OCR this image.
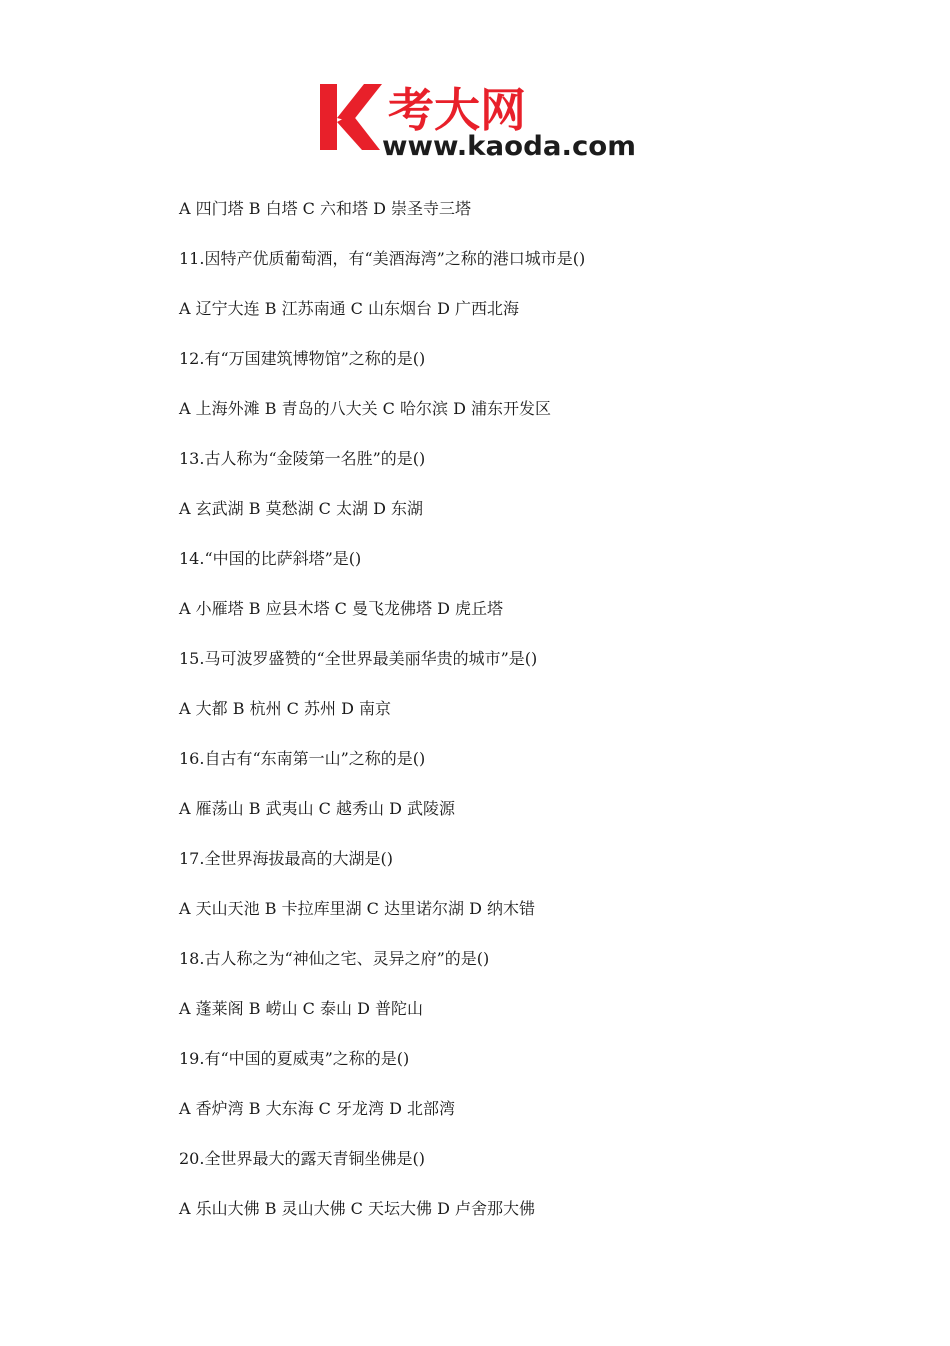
考大网
www.kaoda.com
A 四门塔 B 白塔 C 六和塔 D 崇圣寺三塔
11.因特产优质葡萄酒，有“美酒海湾”之称的港口城市是()
A 辽宁大连 B 江苏南通 C 山东烟台 D 广西北海
12.有“万国建筑博物馆”之称的是()
A 上海外滩 B 青岛的八大关 C 哈尔滨 D 浦东开发区
13.古人称为“金陵第一名胜”的是()
A 玄武湖 B 莫愁湖 C 太湖 D 东湖
14.“中国的比萨斜塔”是()
A 小雁塔 B 应县木塔 C 曼飞龙佛塔 D 虎丘塔
15.马可波罗盛赞的“全世界最美丽华贵的城市”是()
A 大都 B 杭州 C 苏州 D 南京
16.自古有“东南第一山”之称的是()
A 雁荡山 B 武夷山 C 越秀山 D 武陵源
17.全世界海拔最高的大湖是()
A 天山天池 B 卡拉库里湖 C 达里诺尔湖 D 纳木错
18.古人称之为“神仙之宅、灵异之府”的是()
A 蓬莱阁 B 崂山 C 泰山 D 普陀山
19.有“中国的夏威夷”之称的是()
A 香炉湾 B 大东海 C 牙龙湾 D 北部湾
20.全世界最大的露天青铜坐佛是()
A 乐山大佛 B 灵山大佛 C 天坛大佛 D 卢舍那大佛
